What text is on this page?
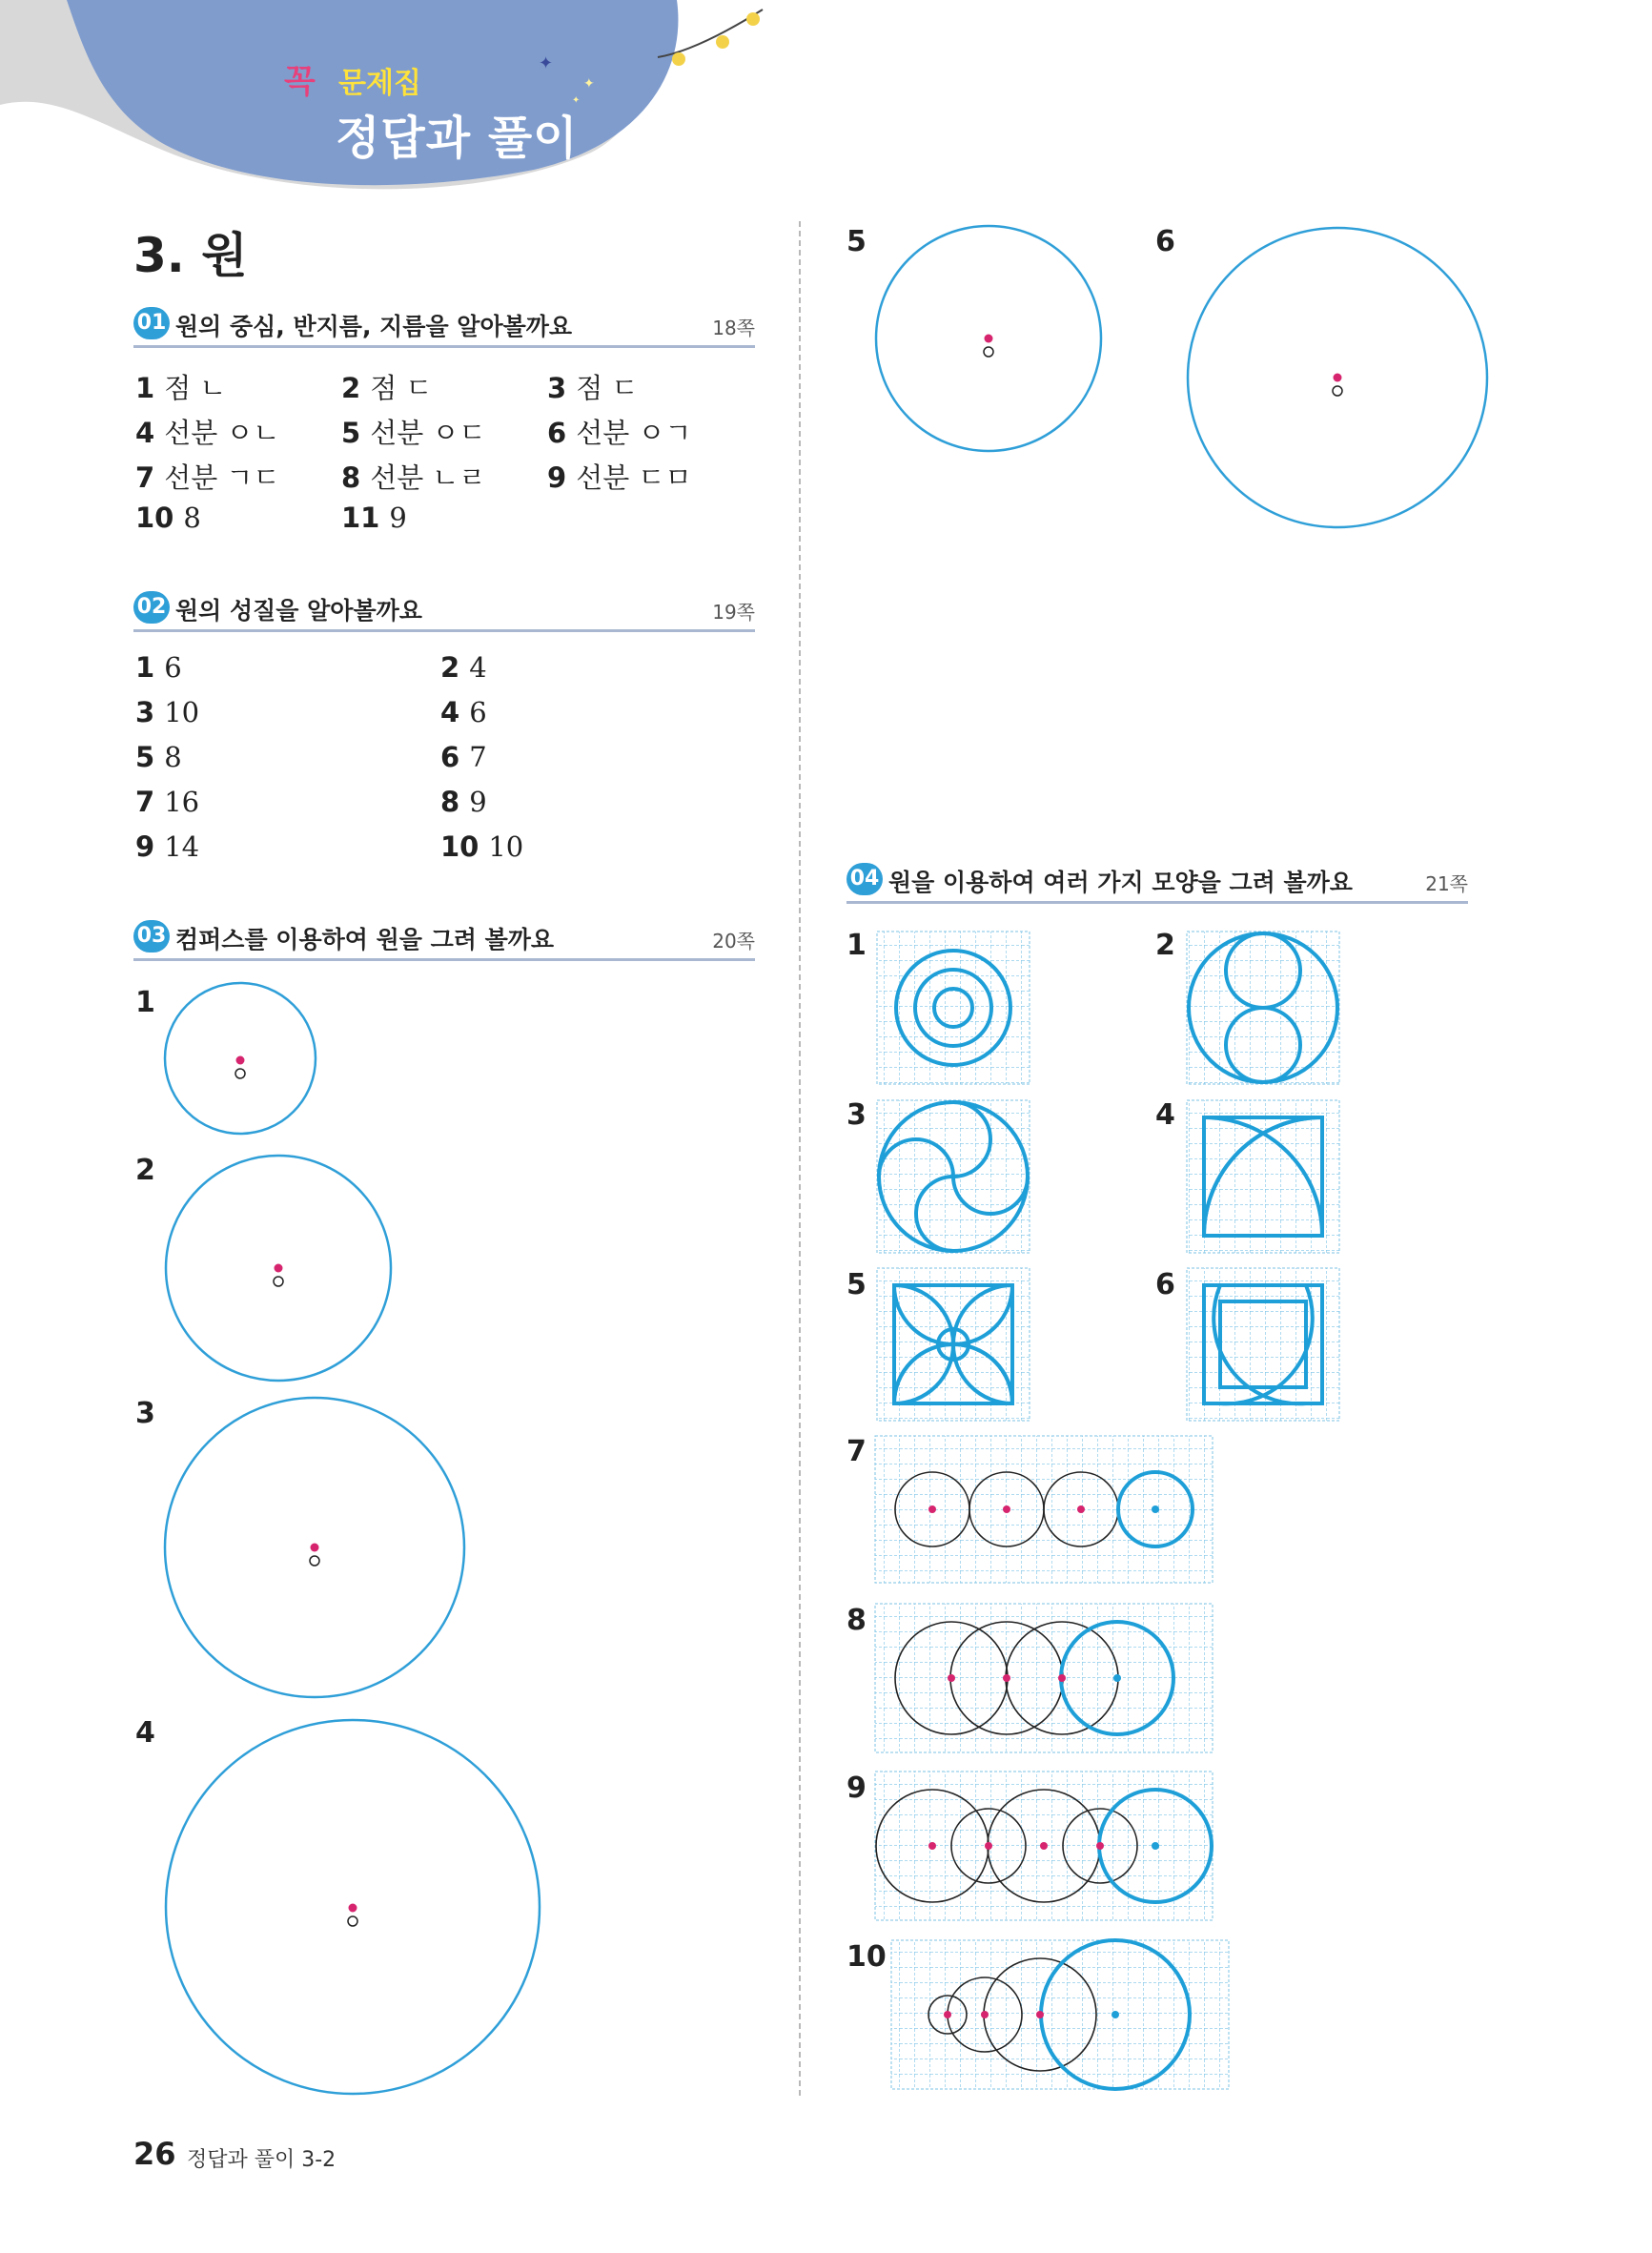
✦
✦
✦
꼭 문제집
정답과 풀이
3. 원
01 원의 중심, 반지름, 지름을 알아볼까요	18쪽
1 점 ㄴ	2 점 ㄷ	3 점 ㄷ
4 선분 ㅇㄴ 5 선분 ㅇㄷ 6 선분 ㅇㄱ
7 선분 ㄱㄷ 8 선분 ㄴㄹ 9 선분 ㄷㅁ
10 8	11 9
02 원의 성질을 알아볼까요	19쪽
1 6	2 4
3 10	4 6
5 8	6 7
7 16	8 9
9 14	10 10
03 컴퍼스를 이용하여 원을 그려 볼까요	20쪽
1
2
3
4
5	6
04 원을 이용하여 여러 가지 모양을 그려 볼까요	21쪽
1	2
3	4
5	6
7
8
9
10
26 정답과 풀이 3-2
